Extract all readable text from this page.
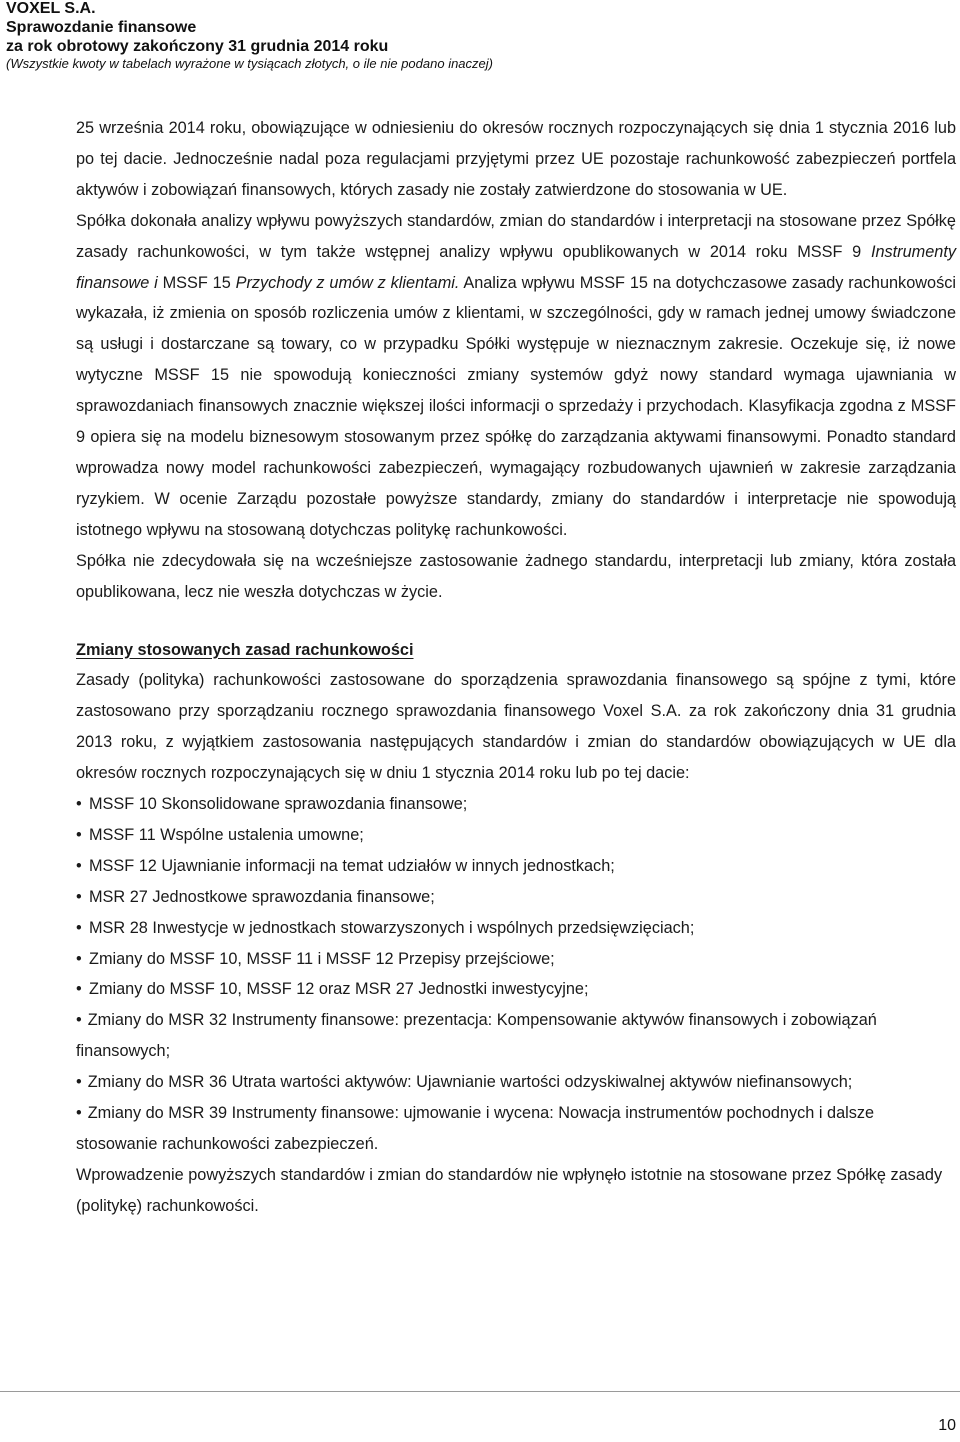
VOXEL S.A.
Sprawozdanie finansowe
za rok obrotowy zakończony 31 grudnia 2014 roku
(Wszystkie kwoty w tabelach wyrażone w tysiącach złotych, o ile nie podano inaczej)

25 września 2014 roku, obowiązujące w odniesieniu do okresów rocznych rozpoczynających się dnia 1 stycznia 2016 lub po tej dacie. Jednocześnie nadal poza regulacjami przyjętymi przez UE pozostaje rachunkowość zabezpieczeń portfela aktywów i zobowiązań finansowych, których zasady nie zostały zatwierdzone do stosowania w UE.

Spółka dokonała analizy wpływu powyższych standardów, zmian do standardów i interpretacji na stosowane przez Spółkę zasady rachunkowości, w tym także wstępnej analizy wpływu opublikowanych w 2014 roku MSSF 9 Instrumenty finansowe i MSSF 15 Przychody z umów z klientami. Analiza wpływu MSSF 15 na dotychczasowe zasady rachunkowości wykazała, iż zmienia on sposób rozliczenia umów z klientami, w szczególności, gdy w ramach jednej umowy świadczone są usługi i dostarczane są towary, co w przypadku Spółki występuje w nieznacznym zakresie. Oczekuje się, iż nowe wytyczne MSSF 15 nie spowodują konieczności zmiany systemów gdyż nowy standard wymaga ujawniania w sprawozdaniach finansowych znacznie większej ilości informacji o sprzedaży i przychodach. Klasyfikacja zgodna z MSSF 9 opiera się na modelu biznesowym stosowanym przez spółkę do zarządzania aktywami finansowymi. Ponadto standard wprowadza nowy model rachunkowości zabezpieczeń, wymagający rozbudowanych ujawnień w zakresie zarządzania ryzykiem. W ocenie Zarządu pozostałe powyższe standardy, zmiany do standardów i interpretacje nie spowodują istotnego wpływu na stosowaną dotychczas politykę rachunkowości.

Spółka nie zdecydowała się na wcześniejsze zastosowanie żadnego standardu, interpretacji lub zmiany, która została opublikowana, lecz nie weszła dotychczas w życie.

Zmiany stosowanych zasad rachunkowości

Zasady (polityka) rachunkowości zastosowane do sporządzenia sprawozdania finansowego są spójne z tymi, które zastosowano przy sporządzaniu rocznego sprawozdania finansowego Voxel S.A. za rok zakończony dnia 31 grudnia 2013 roku, z wyjątkiem zastosowania następujących standardów i zmian do standardów obowiązujących w UE dla okresów rocznych rozpoczynających się w dniu 1 stycznia 2014 roku lub po tej dacie:

• MSSF 10 Skonsolidowane sprawozdania finansowe;
• MSSF 11 Wspólne ustalenia umowne;
• MSSF 12 Ujawnianie informacji na temat udziałów w innych jednostkach;
• MSR 27 Jednostkowe sprawozdania finansowe;
• MSR 28 Inwestycje w jednostkach stowarzyszonych i wspólnych przedsięwzięciach;
• Zmiany do MSSF 10, MSSF 11 i MSSF 12 Przepisy przejściowe;
• Zmiany do MSSF 10, MSSF 12 oraz MSR 27 Jednostki inwestycyjne;
• Zmiany do MSR 32 Instrumenty finansowe: prezentacja: Kompensowanie aktywów finansowych i zobowiązań finansowych;
• Zmiany do MSR 36 Utrata wartości aktywów: Ujawnianie wartości odzyskiwalnej aktywów niefinansowych;
• Zmiany do MSR 39 Instrumenty finansowe: ujmowanie i wycena: Nowacja instrumentów pochodnych i dalsze stosowanie rachunkowości zabezpieczeń.

Wprowadzenie powyższych standardów i zmian do standardów nie wpłynęło istotnie na stosowane przez Spółkę zasady (politykę) rachunkowości.

10
